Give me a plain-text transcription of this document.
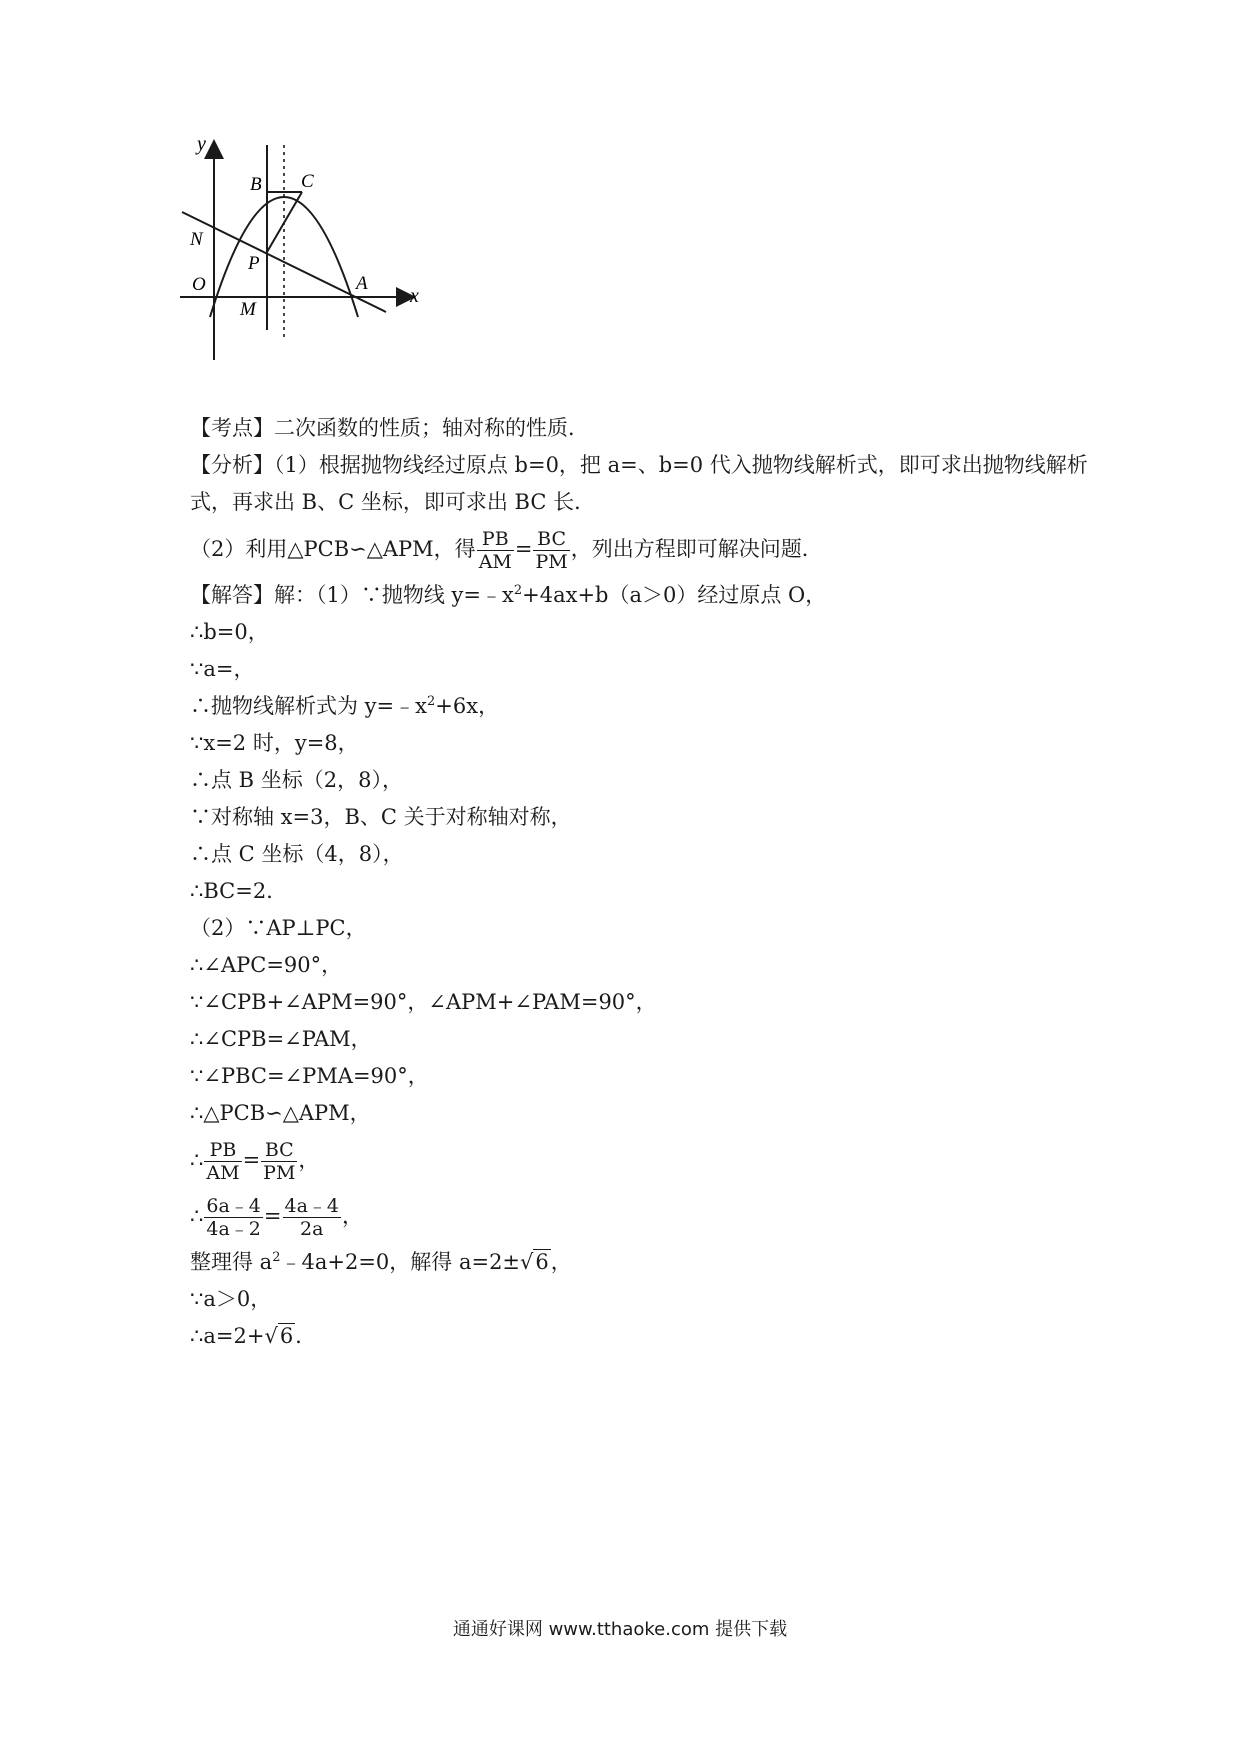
y
x
B C
N
P
O	A
M
【考点】二次函数的性质；轴对称的性质．
【分析】（1）根据抛物线经过原点 b=0，把 a=、b=0 代入抛物线解析式，即可求出抛物线解析式，再求出 B、C 坐标，即可求出 BC 长．
（2）利用△PCB∽△APM，得 $\frac{PB}{AM} = \frac{BC}{PM}$ ，列出方程即可解决问题．
【解答】解：（1）∵抛物线 $y=﹣x^2+4ax+b(a>0)$经过原点 O，
∴b=0，
∵a=，
∴抛物线解析式为 $y=﹣x^2+6x$，
∵x=2 时，y=8，
∴点 B 坐标（2，8），
∵对称轴 x=3，B、C 关于对称轴对称，
∴点 C 坐标（4，8），
∴BC=2．
（2）∵AP⊥PC，
∴∠APC=90°，
∵∠CPB+∠APM=90°，∠APM+∠PAM=90°，
∴∠CPB=∠PAM，
∵∠PBC=∠PMA=90°，
∴△PCB∽△APM，
∴ $\frac{PB}{AM} = \frac{BC}{PM}$ ，
∴ $\frac{6a﹣4}{4a﹣2} = \frac{4a﹣4}{2a}$ ，
整理得 $a^2﹣4a+2=0$，解得 a=2±√6，
∵a＞0，
∴a=2+√6．
通通好课网 www.tthaoke.com 提供下载
